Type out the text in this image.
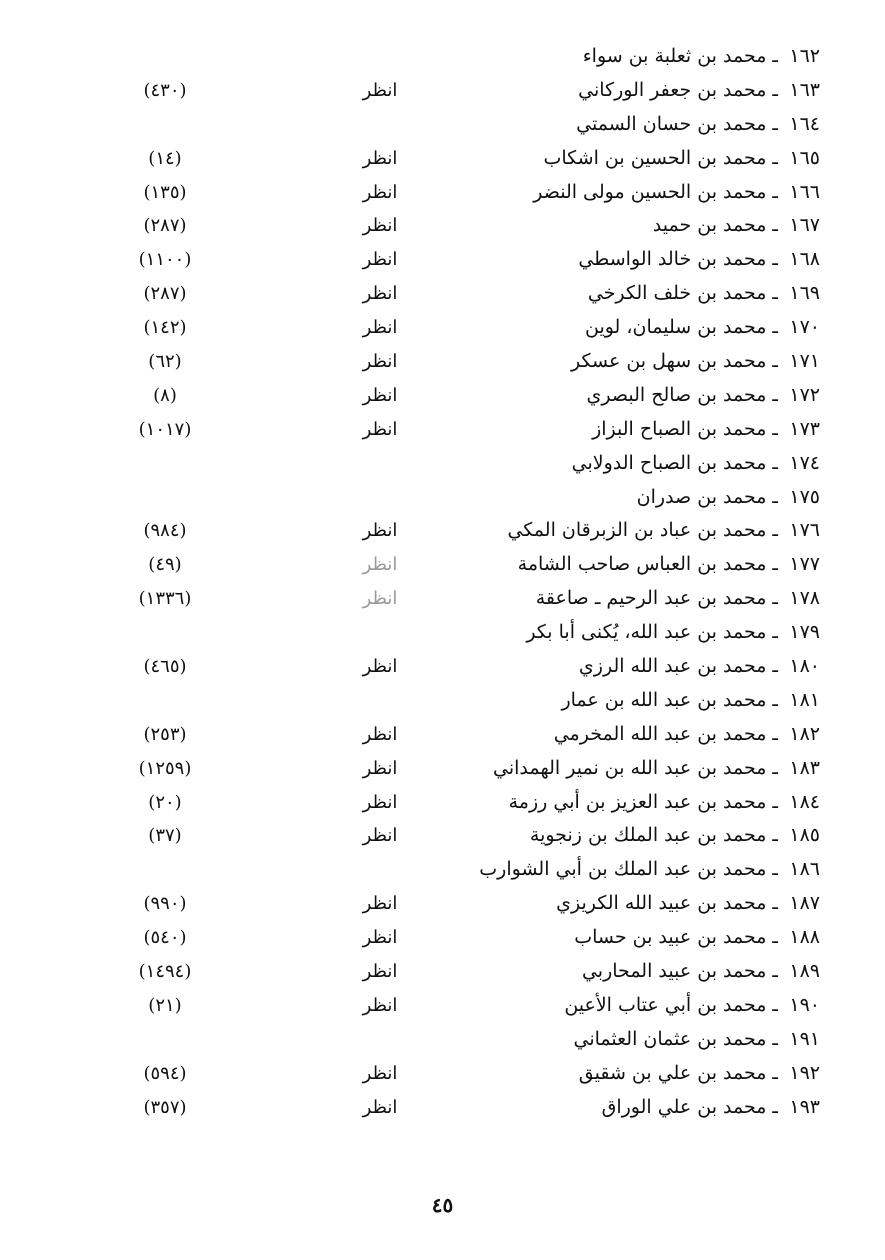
١٦٢ـمحمد بن ثعلبة بن سواء
١٦٣ـمحمد بن جعفر الوركاني
انظر
(٤٣٠)
١٦٤ـمحمد بن حسان السمتي
١٦٥ـمحمد بن الحسين بن اشكاب
انظر
(١٤)
١٦٦ـمحمد بن الحسين مولى النضر
انظر
(١٣٥)
١٦٧ـمحمد بن حميد
انظر
(٢٨٧)
١٦٨ـمحمد بن خالد الواسطي
انظر
(١١٠٠)
١٦٩ـمحمد بن خلف الكرخي
انظر
(٢٨٧)
١٧٠ـمحمد بن سليمان، لوين
انظر
(١٤٢)
١٧١ـمحمد بن سهل بن عسكر
انظر
(٦٢)
١٧٢ـمحمد بن صالح البصري
انظر
(٨)
١٧٣ـمحمد بن الصباح البزاز
انظر
(١٠١٧)
١٧٤ـمحمد بن الصباح الدولابي
١٧٥ـمحمد بن صدران
١٧٦ـمحمد بن عباد بن الزبرقان المكي
انظر
(٩٨٤)
١٧٧ـمحمد بن العباس صاحب الشامة
انظر
(٤٩)
١٧٨ـمحمد بن عبد الرحيم ـ صاعقة
انظر
(١٣٣٦)
١٧٩ـمحمد بن عبد الله، يُكنى أبا بكر
١٨٠ـمحمد بن عبد الله الرزي
انظر
(٤٦٥)
١٨١ـمحمد بن عبد الله بن عمار
١٨٢ـمحمد بن عبد الله المخرمي
انظر
(٢٥٣)
١٨٣ـمحمد بن عبد الله بن نمير الهمداني
انظر
(١٢٥٩)
١٨٤ـمحمد بن عبد العزيز بن أبي رزمة
انظر
(٢٠)
١٨٥ـمحمد بن عبد الملك بن زنجوية
انظر
(٣٧)
١٨٦ـمحمد بن عبد الملك بن أبي الشوارب
١٨٧ـمحمد بن عبيد الله الكريزي
انظر
(٩٩٠)
١٨٨ـمحمد بن عبيد بن حساب
انظر
(٥٤٠)
١٨٩ـمحمد بن عبيد المحاربي
انظر
(١٤٩٤)
١٩٠ـمحمد بن أبي عتاب الأعين
انظر
(٢١)
١٩١ـمحمد بن عثمان العثماني
١٩٢ـمحمد بن علي بن شقيق
انظر
(٥٩٤)
١٩٣ـمحمد بن علي الوراق
انظر
(٣٥٧)
٤٥
